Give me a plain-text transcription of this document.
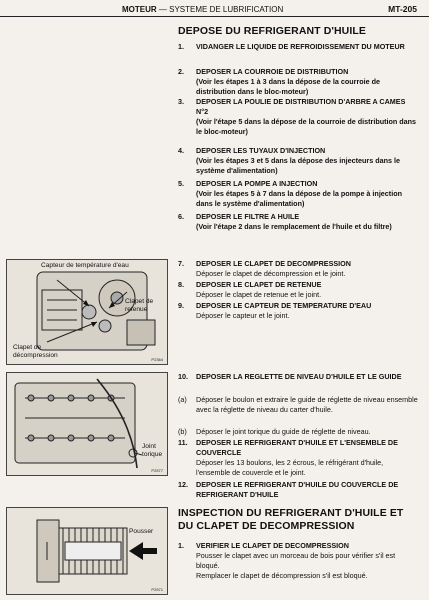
MOTEUR — SYSTEME DE LUBRIFICATION	MT-205
DEPOSE DU REFRIGERANT D'HUILE
1. VIDANGER LE LIQUIDE DE REFROIDISSEMENT DU MOTEUR
2. DEPOSER LA COURROIE DE DISTRIBUTION
(Voir les étapes 1 à 3 dans la dépose de la courroie de distribution dans le bloc-moteur)
3. DEPOSER LA POULIE DE DISTRIBUTION D'ARBRE A CAMES N°2
(Voir l'étape 5 dans la dépose de la courroie de distribution dans le bloc-moteur)
4. DEPOSER LES TUYAUX D'INJECTION
(Voir les étapes 3 et 5 dans la dépose des injecteurs dans le système d'alimentation)
5. DEPOSER LA POMPE A INJECTION
(Voir les étapes 5 à 7 dans la dépose de la pompe à injection dans le système d'alimentation)
6. DEPOSER LE FILTRE A HUILE
(Voir l'étape 2 dans le remplacement de l'huile et du filtre)
7. DEPOSER LE CLAPET DE DECOMPRESSION
Déposer le clapet de décompression et le joint.
8. DEPOSER LE CLAPET DE RETENUE
Déposer le clapet de retenue et le joint.
9. DEPOSER LE CAPTEUR DE TEMPERATURE D'EAU
Déposer le capteur et le joint.
10. DEPOSER LA REGLETTE DE NIVEAU D'HUILE ET LE GUIDE
(a) Déposer le boulon et extraire le guide de réglette de niveau ensemble avec la réglette de niveau du carter d'huile.
(b) Déposer le joint torique du guide de réglette de niveau.
11. DEPOSER LE REFRIGERANT D'HUILE ET L'ENSEMBLE DE COUVERCLE
Déposer les 13 boulons, les 2 écrous, le réfrigérant d'huile, l'ensemble de couvercle et le joint.
12. DEPOSER LE REFRIGERANT D'HUILE DU COUVERCLE DE REFRIGERANT D'HUILE
INSPECTION DU REFRIGERANT D'HUILE ET
DU CLAPET DE DECOMPRESSION
1. VERIFIER LE CLAPET DE DECOMPRESSION
Pousser le clapet avec un morceau de bois pour vérifier s'il est bloqué.
Remplacer le clapet de décompression s'il est bloqué.
Capteur de température d'eau
Clapet de retenue
Clapet de décompression
P2364
Joint torique
P2577
Pousser
P2571
